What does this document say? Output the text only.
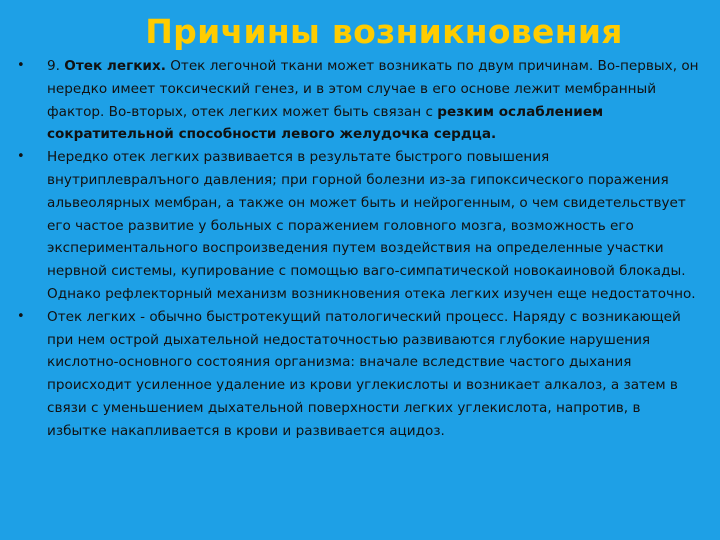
Причины возникновения
• 9. Отек легких. Отек легочной ткани может возникать по двум причинам. Во-первых, он нередко имеет токсический генез, и в этом случае в его основе лежит мембранный фактор. Во-вторых, отек легких может быть связан с резким ослаблением сократительной способности левого желудочка сердца.
• Нередко отек легких развивается в результате быстрого повышения внутриплевралъного давления; при горной болезни из-за гипоксического поражения альвеолярных мембран, а также он может быть и нейрогенным, о чем свидетельствует его частое развитие у больных с поражением головного мозга, возможность его экспериментального воспроизведения путем воздействия на определенные участки нервной системы, купирование с помощью ваго-симпатической новокаиновой блокады. Однако рефлекторный механизм возникновения отека легких изучен еще недостаточно.
• Отек легких - обычно быстротекущий патологический процесс. Наряду с возникающей при нем острой дыхательной недостаточностью развиваются глубокие нарушения кислотно-основного состояния организма: вначале вследствие частого дыхания происходит усиленное удаление из крови углекислоты и возникает алкалоз, а затем в связи с уменьшением дыхательной поверхности легких углекислота, напротив, в избытке накапливается в крови и развивается ацидоз.
